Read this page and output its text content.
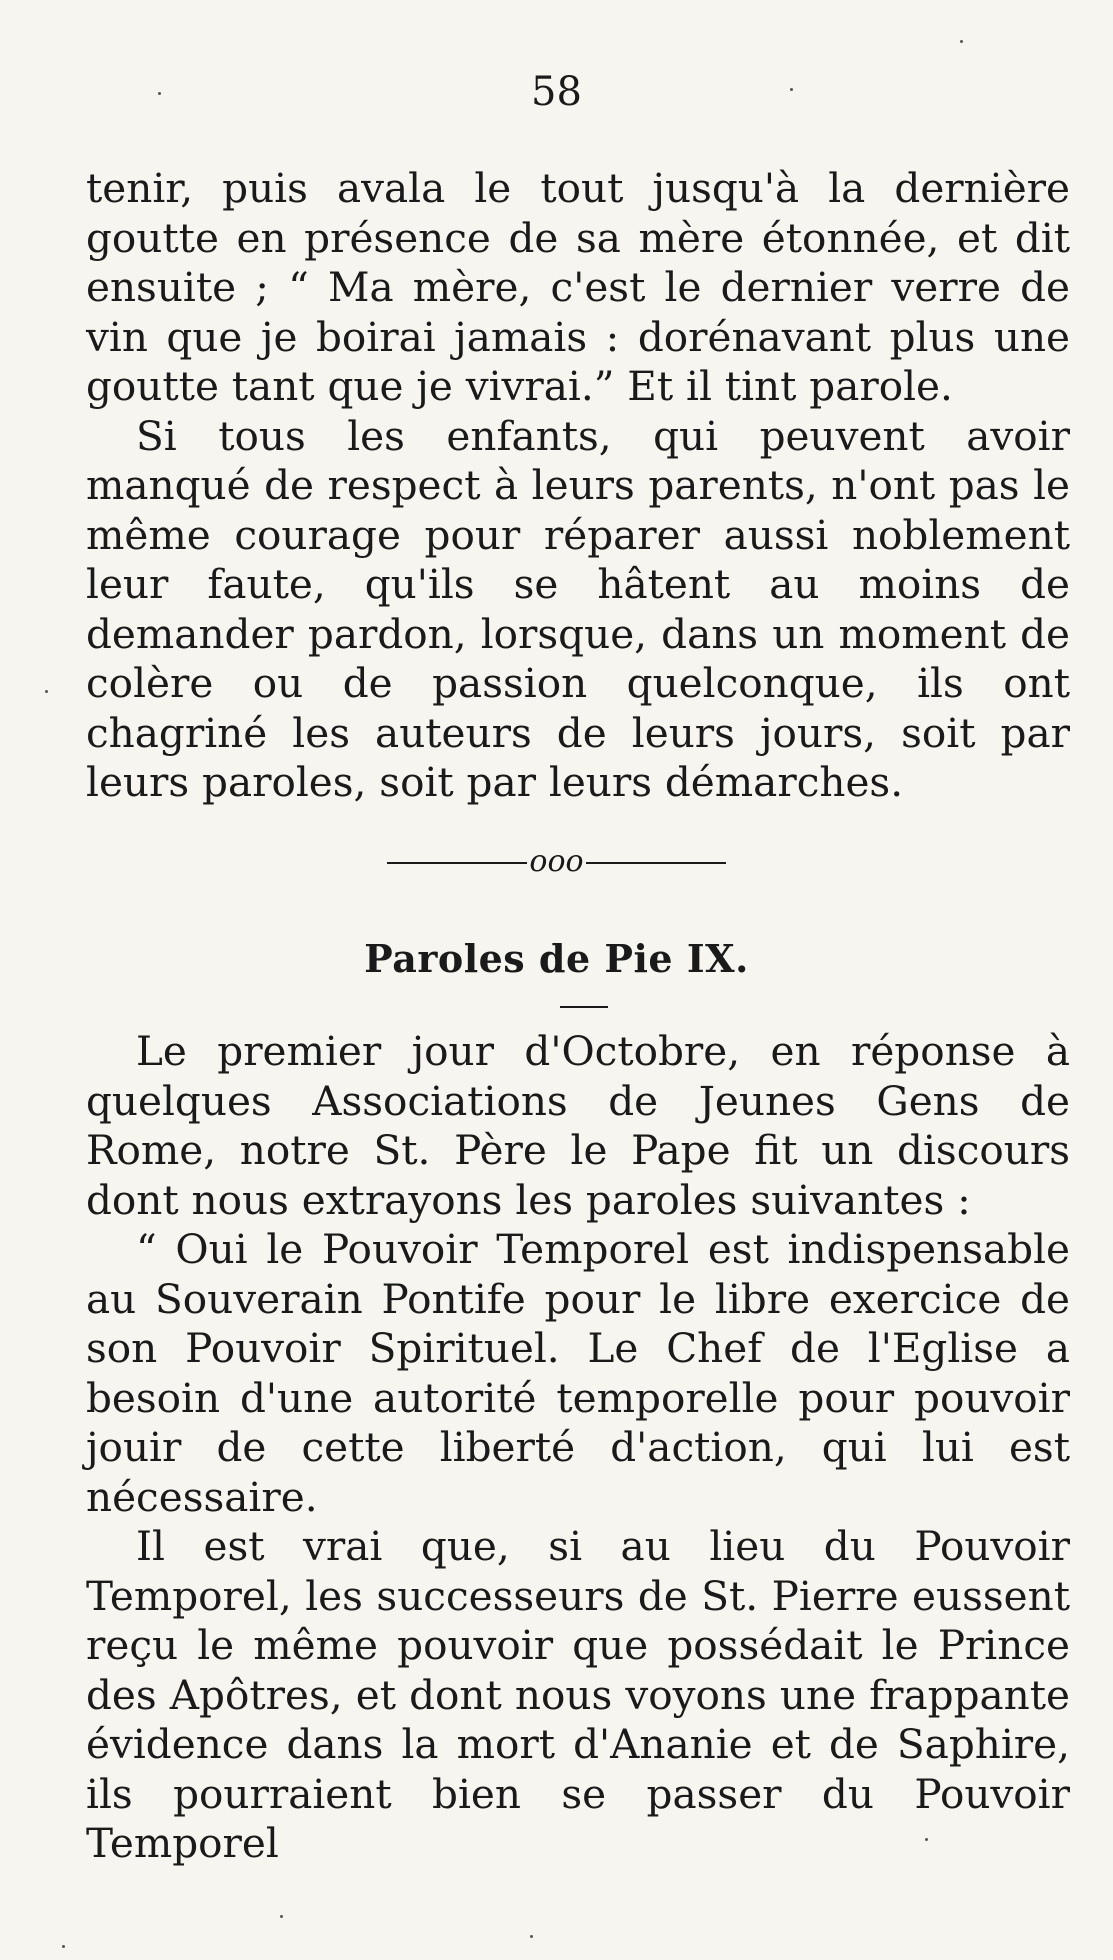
58

tenir, puis avala le tout jusqu'à la dernière goutte en présence de sa mère étonnée, et dit ensuite ; “ Ma mère, c'est le dernier verre de vin que je boirai jamais : dorénavant plus une goutte tant que je vivrai.” Et il tint parole.

Si tous les enfants, qui peuvent avoir manqué de respect à leurs parents, n'ont pas le même courage pour réparer aussi noblement leur faute, qu'ils se hâtent au moins de demander pardon, lorsque, dans un moment de colère ou de passion quelconque, ils ont chagriné les auteurs de leurs jours, soit par leurs paroles, soit par leurs démarches.

ooo
Paroles de Pie IX.

Le premier jour d'Octobre, en réponse à quelques Associations de Jeunes Gens de Rome, notre St. Père le Pape fit un discours dont nous extrayons les paroles suivantes :

“ Oui le Pouvoir Temporel est indispensable au Souverain Pontife pour le libre exercice de son Pouvoir Spirituel. Le Chef de l'Eglise a besoin d'une autorité temporelle pour pouvoir jouir de cette liberté d'action, qui lui est nécessaire.

Il est vrai que, si au lieu du Pouvoir Temporel, les successeurs de St. Pierre eussent reçu le même pouvoir que possédait le Prince des Apôtres, et dont nous voyons une frappante évidence dans la mort d'Ananie et de Saphire, ils pourraient bien se passer du Pouvoir Temporel
